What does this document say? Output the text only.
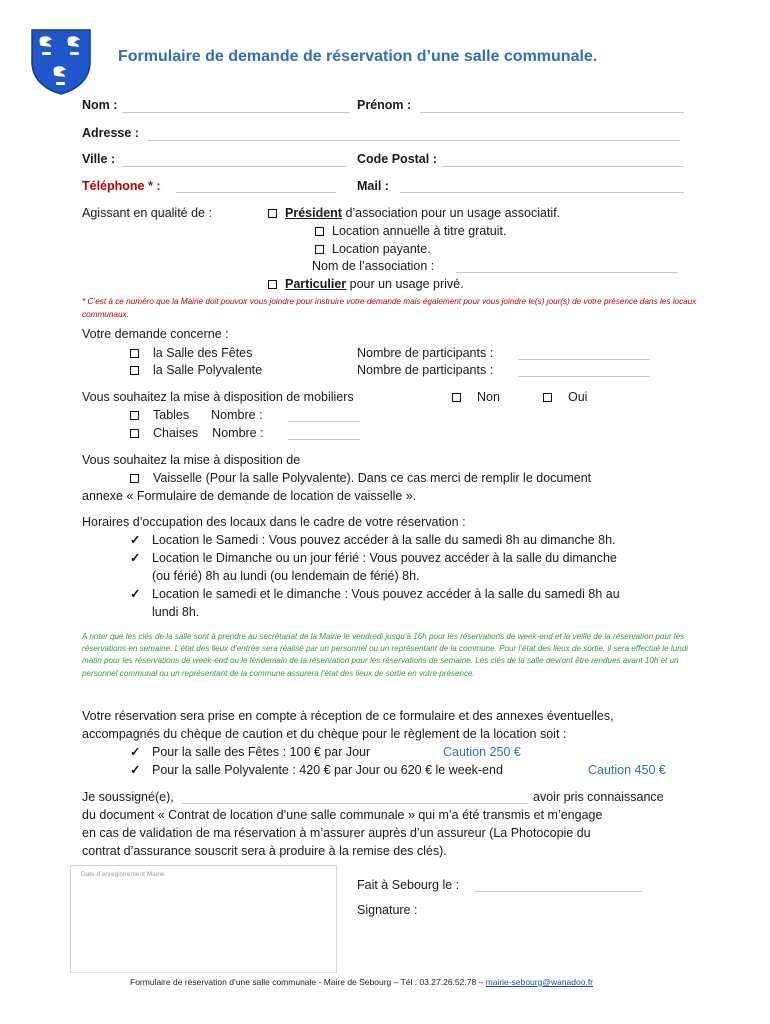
Formulaire de demande de réservation d’une salle communale.
Nom :	Prénom :
Adresse :
Ville :	Code Postal :
Téléphone * :	Mail :
Agissant en qualité de :	Président d’association pour un usage associatif.
Location annuelle à titre gratuit.
Location payante.
Nom de l’association :
Particulier pour un usage privé.
* C’est à ce numéro que la Mairie doit pouvoir vous joindre pour instruire votre demande mais également pour vous joindre le(s) jour(s) de votre présence dans les locaux communaux.
Votre demande concerne :
la Salle des Fêtes	Nombre de participants :
la Salle Polyvalente	Nombre de participants :
Vous souhaitez la mise à disposition de mobiliers	Non	Oui
Tables Nombre :
Chaises Nombre :
Vous souhaitez la mise à disposition de
Vaisselle (Pour la salle Polyvalente). Dans ce cas merci de remplir le document
annexe « Formulaire de demande de location de vaisselle ».
Horaires d’occupation des locaux dans le cadre de votre réservation :
✓ Location le Samedi : Vous pouvez accéder à la salle du samedi 8h au dimanche 8h.
✓ Location le Dimanche ou un jour férié : Vous pouvez accéder à la salle du dimanche
(ou férié) 8h au lundi (ou lendemain de férié) 8h.
✓ Location le samedi et le dimanche : Vous pouvez accéder à la salle du samedi 8h au
lundi 8h.
A noter que les clés de la salle sont à prendre au secrétariat de la Mairie le vendredi jusqu’à 16h pour les réservations de week-end et la veille de la réservation pour les réservations en semaine. L’état des lieux d’entrée sera réalisé par un personnel ou un représentant de la commune. Pour l’état des lieux de sortie, il sera effectué le lundi matin pour les réservations de week-end ou le lendemain de la réservation pour les réservations de semaine. Les clés de la salle devront être rendues avant 10h et un personnel communal ou un représentant de la commune assurera l’état des lieux de sortie en votre présence.
Votre réservation sera prise en compte à réception de ce formulaire et des annexes éventuelles,
accompagnés du chèque de caution et du chèque pour le règlement de la location soit :
✓ Pour la salle des Fêtes : 100 € par Jour	Caution 250 €
✓ Pour la salle Polyvalente : 420 € par Jour ou 620 € le week-end	Caution 450 €
Je soussigné(e),	avoir pris connaissance
du document « Contrat de location d’une salle communale » qui m’a été transmis et m’engage
en cas de validation de ma réservation à m’assurer auprès d’un assureur (La Photocopie du
contrat d’assurance souscrit sera à produire à la remise des clés).
Date d’enregistrement Mairie
Fait à Sebourg le :
Signature :
Formulaire de réservation d’une salle communale - Maire de Sebourg – Tél : 03.27.26.52.78 – mairie-sebourg@wanadoo.fr
